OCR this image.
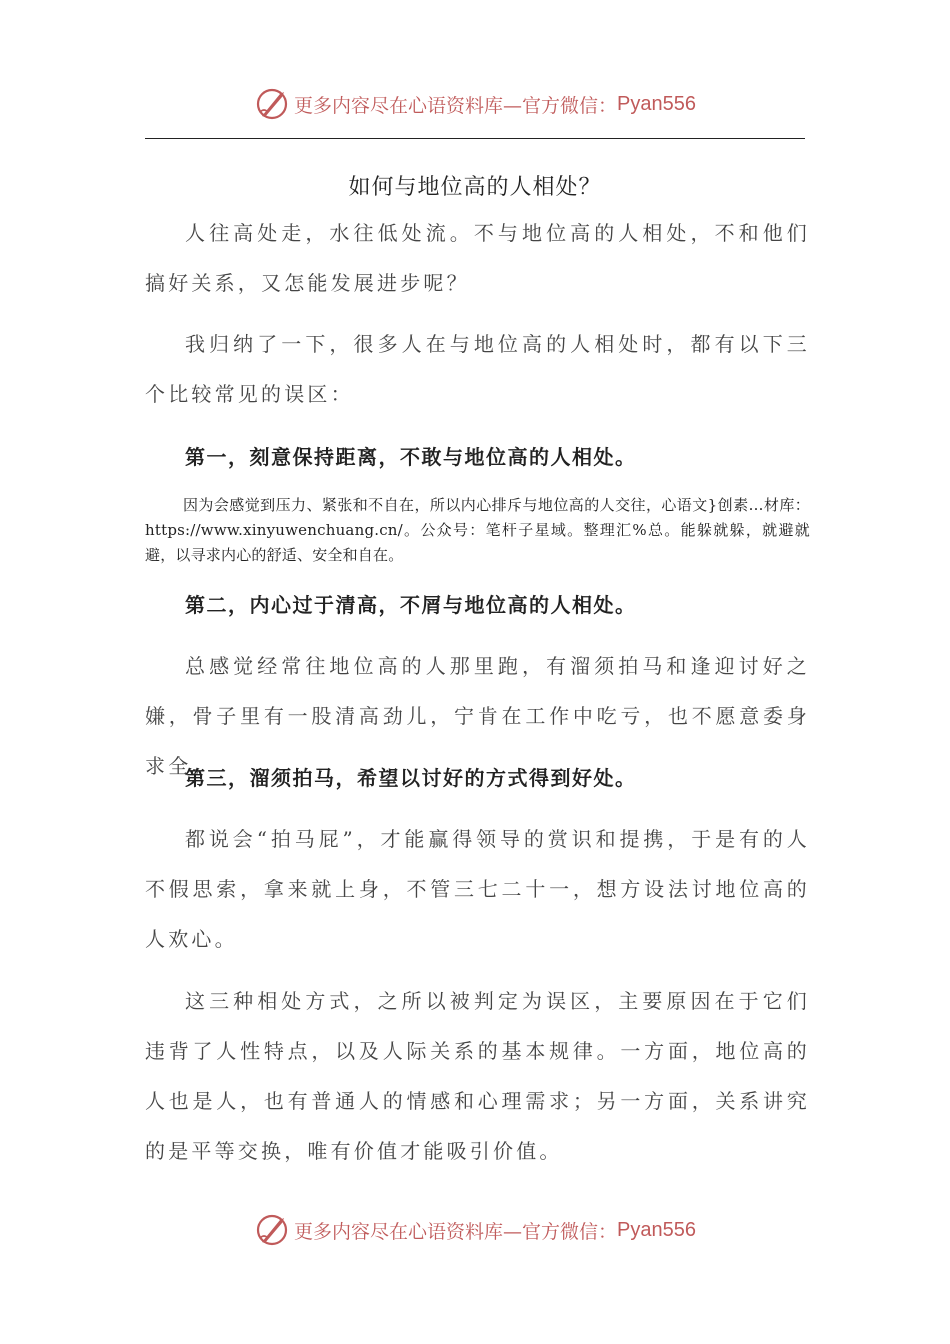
更多内容尽在心语资料库—官方微信： Pyan556
如何与地位高的人相处？

人往高处走，水往低处流。不与地位高的人相处，不和他们搞好关系，又怎能发展进步呢？

我归纳了一下，很多人在与地位高的人相处时，都有以下三个比较常见的误区：

第一，刻意保持距离，不敢与地位高的人相处。

因为会感觉到压力、紧张和不自在，所以内心排斥与地位高的人交往，心语文}创素…材库：https://www.xinyuwenchuang.cn/。公众号：笔杆子星域。整理汇%总。能躲就躲，就避就避，以寻求内心的舒适、安全和自在。

第二，内心过于清高，不屑与地位高的人相处。

总感觉经常往地位高的人那里跑，有溜须拍马和逢迎讨好之嫌，骨子里有一股清高劲儿，宁肯在工作中吃亏，也不愿意委身求全。

第三，溜须拍马，希望以讨好的方式得到好处。

都说会“拍马屁”，才能赢得领导的赏识和提携，于是有的人不假思索，拿来就上身，不管三七二十一，想方设法讨地位高的人欢心。

这三种相处方式，之所以被判定为误区，主要原因在于它们违背了人性特点，以及人际关系的基本规律。一方面，地位高的人也是人，也有普通人的情感和心理需求；另一方面，关系讲究的是平等交换，唯有价值才能吸引价值。

更多内容尽在心语资料库—官方微信： Pyan556
